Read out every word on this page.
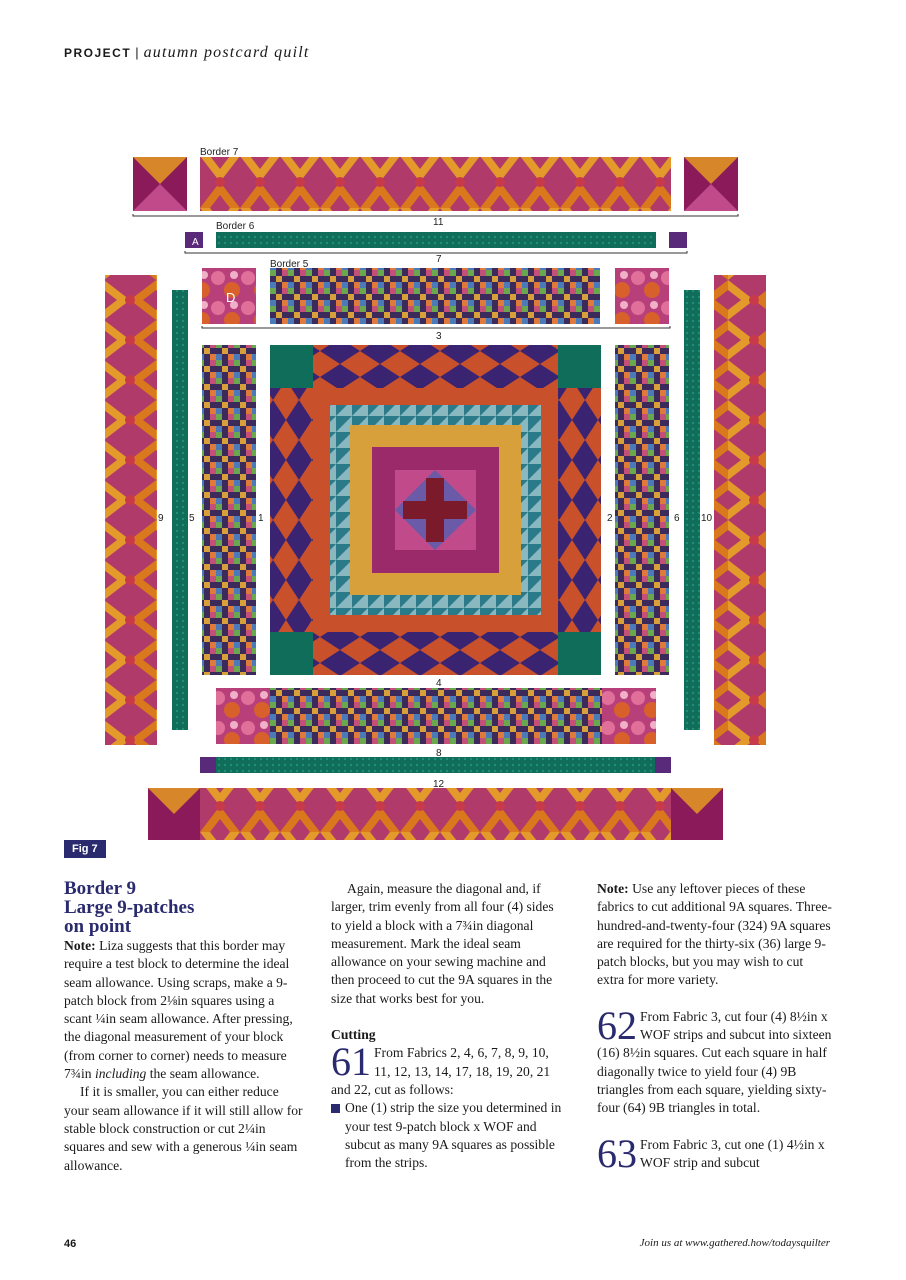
PROJECT | autumn postcard quilt
Border 7
Border 6
Border 5
A
D
11
7
3
4
8
12
9	5	1	2	6 10
Fig 7
Border 9
Large 9-patches
on point

Note: Liza suggests that this border may require a test block to determine the ideal seam allowance. Using scraps, make a 9-patch block from 2⅛in squares using a scant ¼in seam allowance. After pressing, the diagonal measurement of your block (from corner to corner) needs to measure 7¾in including the seam allowance.

If it is smaller, you can either reduce your seam allowance if it will still allow for stable block construction or cut 2¼in squares and sew with a generous ¼in seam allowance.

Again, measure the diagonal and, if larger, trim evenly from all four (4) sides to yield a block with a 7¾in diagonal measurement. Mark the ideal seam allowance on your sewing machine and then proceed to cut the 9A squares in the size that works best for you.

Cutting

61 From Fabrics 2, 4, 6, 7, 8, 9, 10, 11, 12, 13, 14, 17, 18, 19, 20, 21 and 22, cut as follows:

One (1) strip the size you determined in your test 9-patch block x WOF and subcut as many 9A squares as possible from the strips.

Note: Use any leftover pieces of these fabrics to cut additional 9A squares. Three-hundred-and-twenty-four (324) 9A squares are required for the thirty-six (36) large 9-patch blocks, but you may wish to cut extra for more variety.

62 From Fabric 3, cut four (4) 8½in x WOF strips and subcut into sixteen (16) 8½in squares. Cut each square in half diagonally twice to yield four (4) 9B triangles from each square, yielding sixty-four (64) 9B triangles in total.

63 From Fabric 3, cut one (1) 4½in x WOF strip and subcut

46	Join us at www.gathered.how/todaysquilter
